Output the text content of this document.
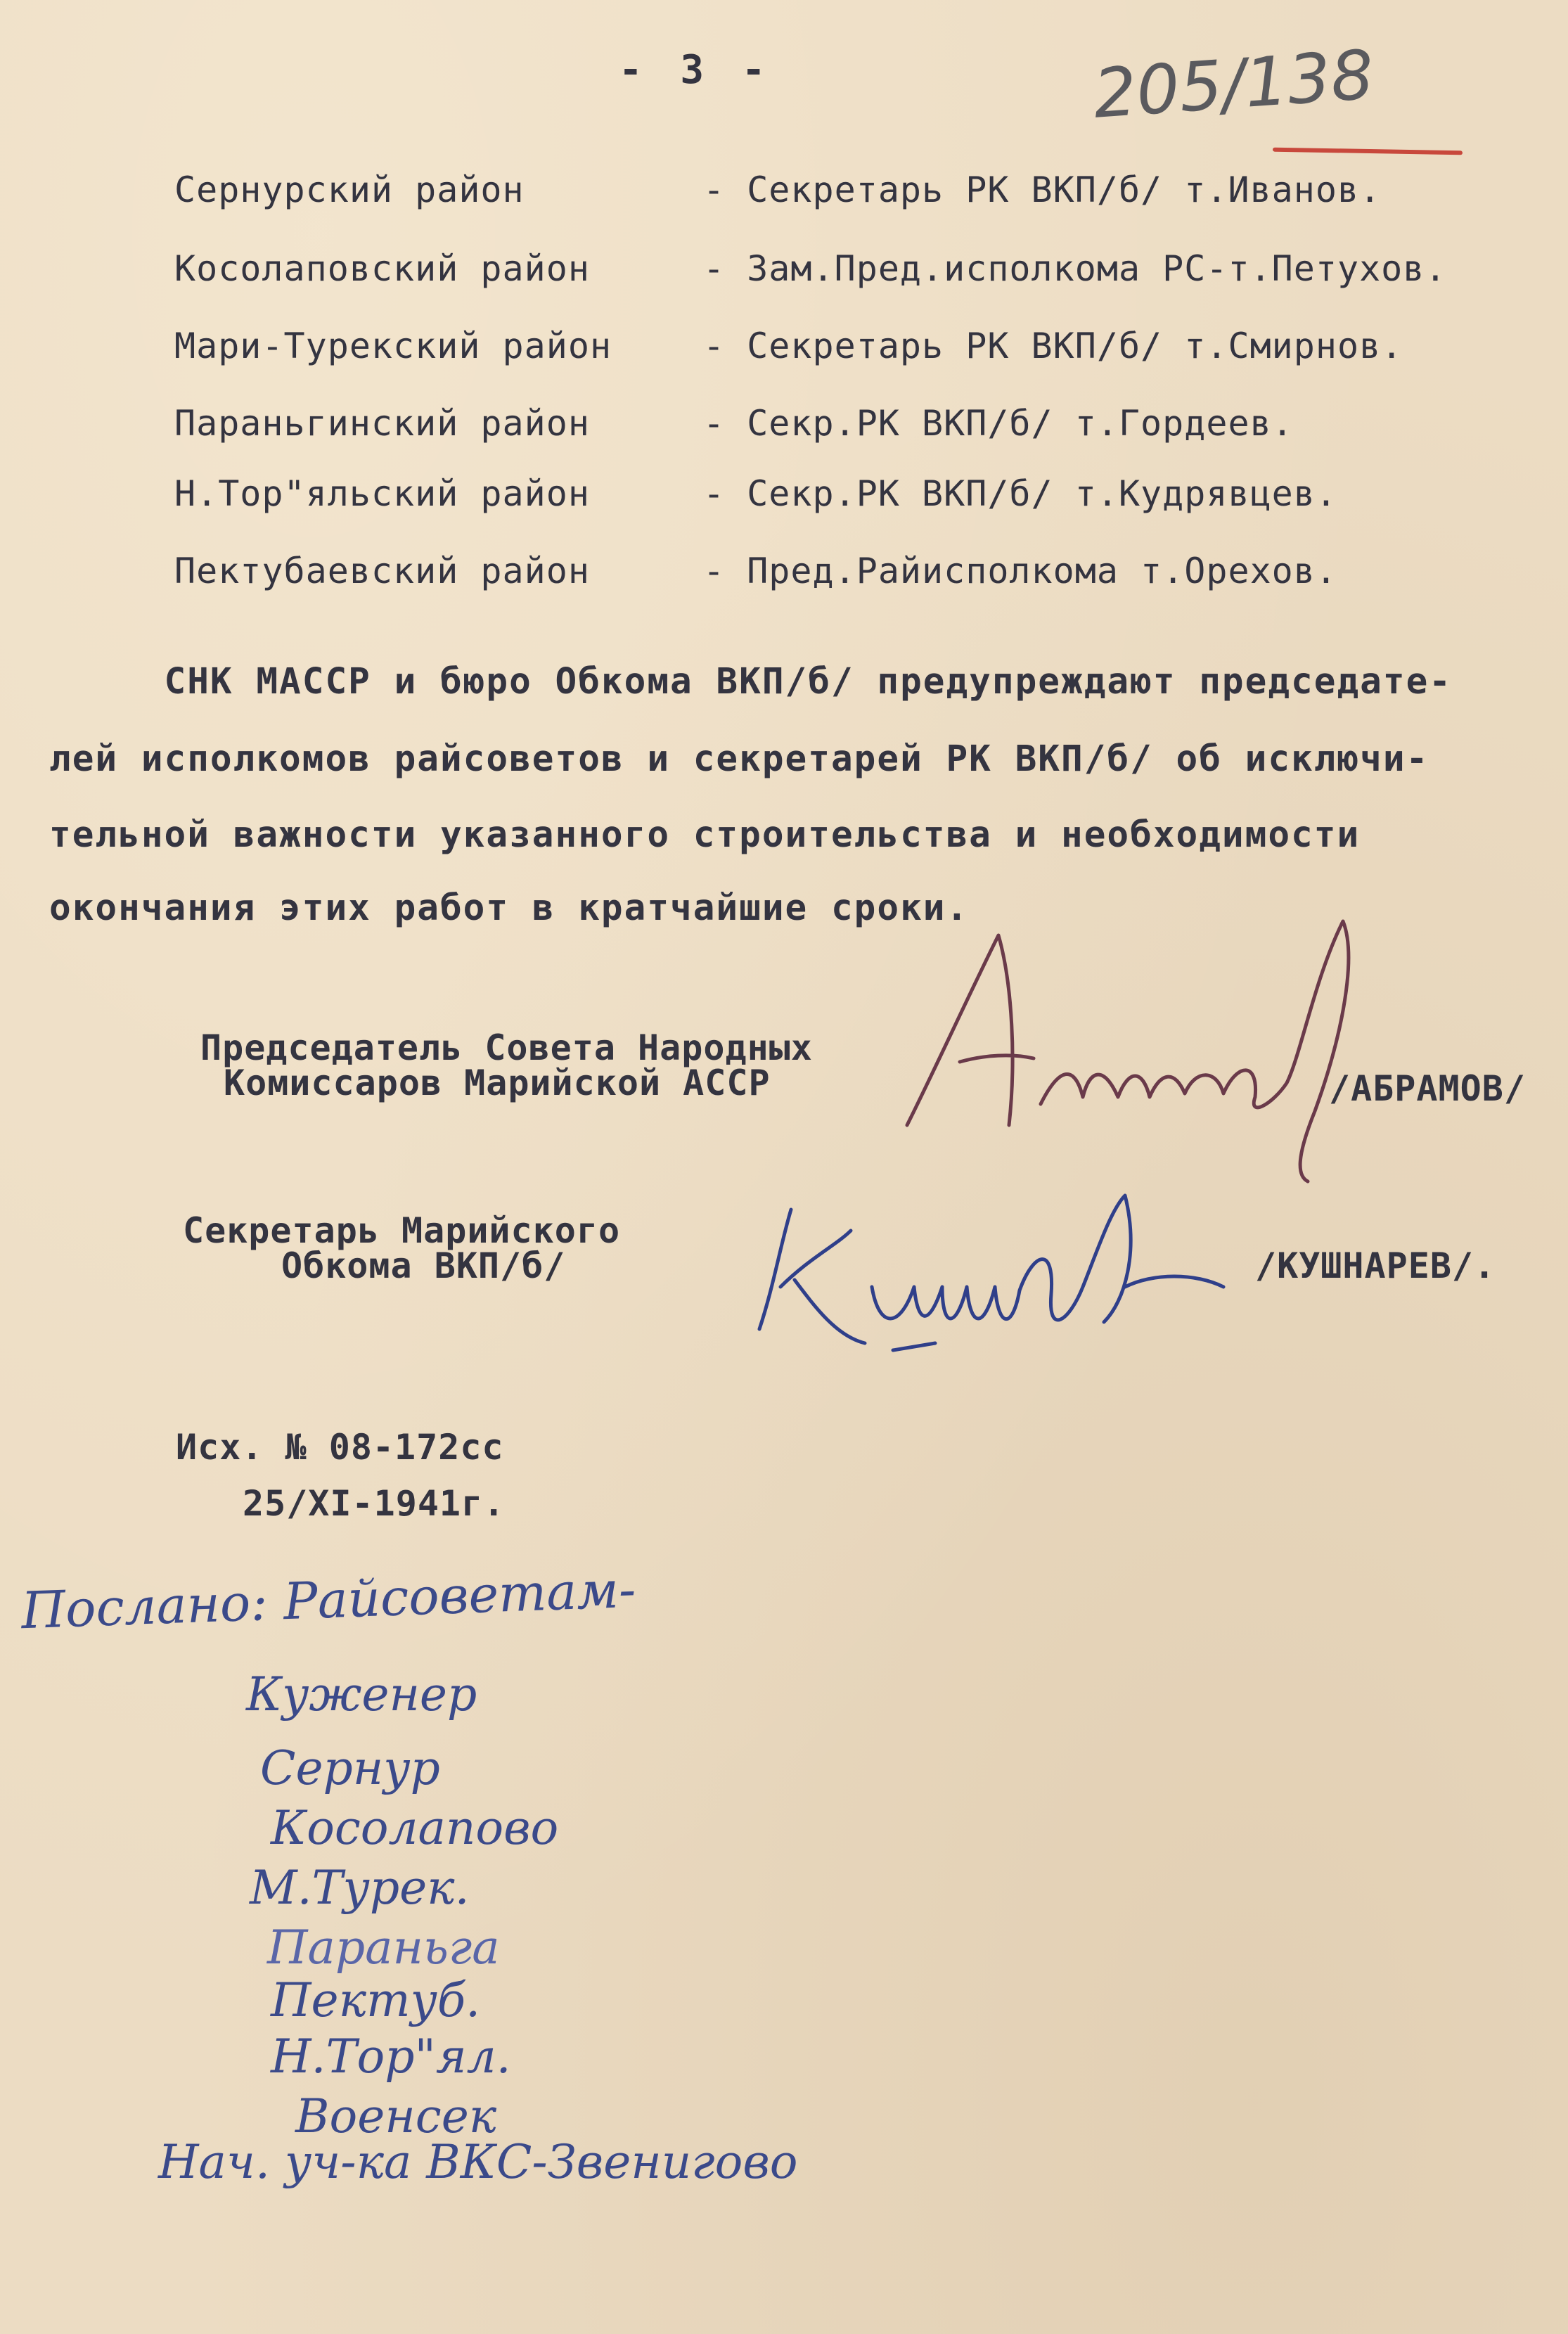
- 3 -	205/138
Сернурский район	- Секретарь РК ВКП/б/ т.Иванов.
Косолаповский район	- Зам.Пред.исполкома РС-т.Петухов.
Мари-Турекский район	- Секретарь РК ВКП/б/ т.Смирнов.
Параньгинский район	- Секр.РК ВКП/б/ т.Гордеев.
Н.Тор"яльский район	- Секр.РК ВКП/б/ т.Кудрявцев.
Пектубаевский район	- Пред.Райисполкома т.Орехов.
СНК МАССР и бюро Обкома ВКП/б/ предупреждают председате-
лей исполкомов райсоветов и секретарей РК ВКП/б/ об исключи-
тельной важности указанного строительства и необходимости
окончания этих работ в кратчайшие сроки.
Председатель Совета Народных
Комиссаров Марийской АССР	/АБРАМОВ/
Секретарь Марийского
Обкома ВКП/б/	/КУШНАРЕВ/.
Исх. № 08-172сс
25/XI-1941г.
Послано: Райсоветам-
Куженер
Сернур
Косолапово
М.Турек.
Параньга
Пектуб.
Н.Тор"ял.
Военсек
Нач. уч-ка ВКС-Звенигово
